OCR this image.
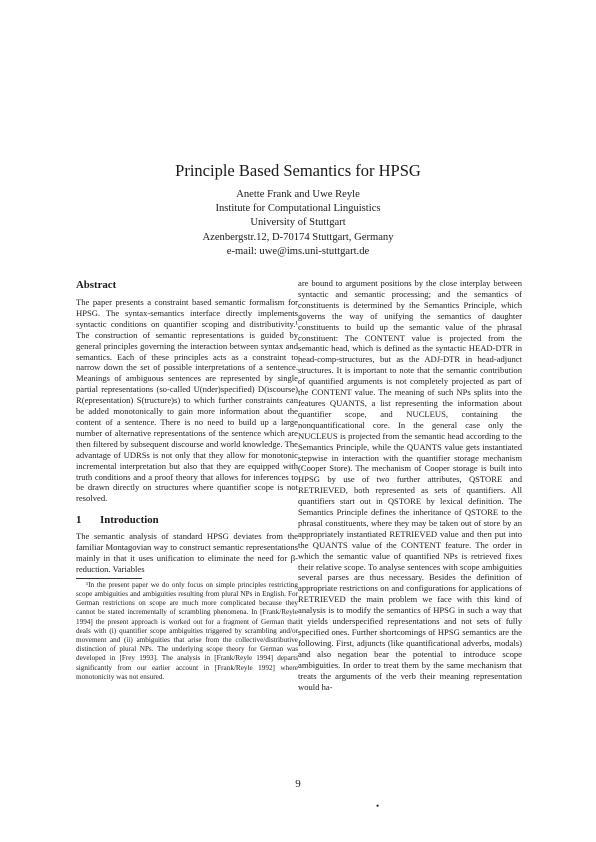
Principle Based Semantics for HPSG
Anette Frank and Uwe Reyle
Institute for Computational Linguistics
University of Stuttgart
Azenbergstr.12, D-70174 Stuttgart, Germany
e-mail: uwe@ims.uni-stuttgart.de
Abstract

The paper presents a constraint based semantic formalism for HPSG. The syntax-semantics interface directly implements syntactic conditions on quantifier scoping and distributivity.¹ The construction of semantic representations is guided by general principles governing the interaction between syntax and semantics. Each of these principles acts as a constraint to narrow down the set of possible interpretations of a sentence. Meanings of ambiguous sentences are represented by single partial representations (so-called U(nder)specified) D(iscourse) R(epresentation) S(tructure)s) to which further constraints can be added monotonically to gain more information about the content of a sentence. There is no need to build up a large number of alternative representations of the sentence which are then filtered by subsequent discourse and world knowledge. The advantage of UDRSs is not only that they allow for monotonic incremental interpretation but also that they are equipped with truth conditions and a proof theory that allows for inferences to be drawn directly on structures where quantifier scope is not resolved.

1 Introduction

The semantic analysis of standard HPSG deviates from the familiar Montagovian way to construct semantic representations mainly in that it uses unification to eliminate the need for β-reduction. Variables

¹In the present paper we do only focus on simple principles restricting scope ambiguities and ambiguities resulting from plural NPs in English. For German restrictions on scope are much more complicated because they cannot be stated incrementally of scrambling phenomena. In [Frank/Reyle 1994] the present approach is worked out for a fragment of German that deals with (i) quantifier scope ambiguities triggered by scrambling and/or movement and (ii) ambiguities that arise from the collective/distributive distinction of plural NPs. The underlying scope theory for German was developed in [Frey 1993]. The analysis in [Frank/Reyle 1994] departs significantly from our earlier account in [Frank/Reyle 1992] where monotonicity was not ensured.

are bound to argument positions by the close interplay between syntactic and semantic processing; and the semantics of constituents is determined by the Semantics Principle, which governs the way of unifying the semantics of daughter constituents to build up the semantic value of the phrasal constituent: The CONTENT value is projected from the semantic head, which is defined as the syntactic HEAD-DTR in head-comp-structures, but as the ADJ-DTR in head-adjunct structures. It is important to note that the semantic contribution of quantified arguments is not completely projected as part of the CONTENT value. The meaning of such NPs splits into the features QUANTS, a list representing the information about quantifier scope, and NUCLEUS, containing the nonquantificational core. In the general case only the NUCLEUS is projected from the semantic head according to the Semantics Principle, while the QUANTS value gets instantiated stepwise in interaction with the quantifier storage mechanism (Cooper Store). The mechanism of Cooper storage is built into HPSG by use of two further attributes, QSTORE and RETRIEVED, both represented as sets of quantifiers. All quantifiers start out in QSTORE by lexical definition. The Semantics Principle defines the inheritance of QSTORE to the phrasal constituents, where they may be taken out of store by an appropriately instantiated RETRIEVED value and then put into the QUANTS value of the CONTENT feature. The order in which the semantic value of quantified NPs is retrieved fixes their relative scope. To analyse sentences with scope ambiguities several parses are thus necessary. Besides the definition of appropriate restrictions on and configurations for applications of RETRIEVED the main problem we face with this kind of analysis is to modify the semantics of HPSG in such a way that it yields underspecified representations and not sets of fully specified ones. Further shortcomings of HPSG semantics are the following. First, adjuncts (like quantificational adverbs, modals) and also negation bear the potential to introduce scope ambiguities. In order to treat them by the same mechanism that treats the arguments of the verb their meaning representation would ha-

9
•
